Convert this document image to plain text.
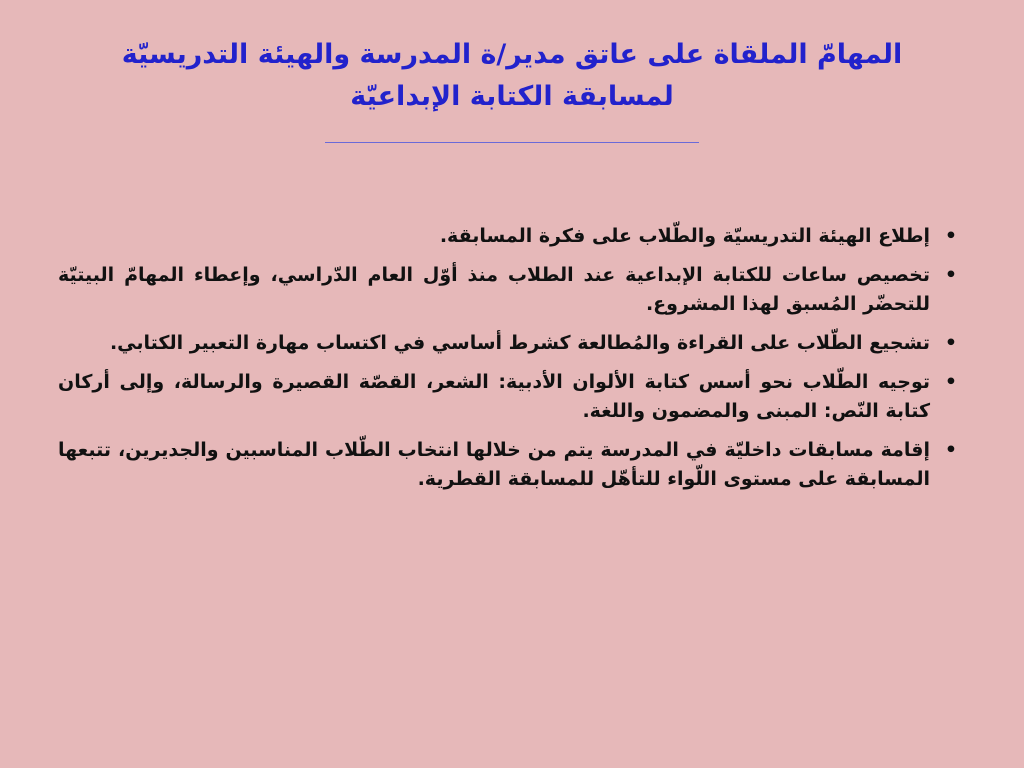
المهامّ الملقاة على عاتق مدير/ة المدرسة والهيئة التدريسيّة

لمسابقة الكتابة الإبداعيّة

•
إطلاع الهيئة التدريسيّة والطّلاب على فكرة المسابقة.
•
تخصيص ساعات للكتابة الإبداعية عند الطلاب منذ أوّل العام الدّراسي، وإعطاء المهامّ البيتيّة للتحضّر المُسبق لهذا المشروع.
•
تشجيع الطّلاب على القراءة والمُطالعة كشرط أساسي في اكتساب مهارة التعبير الكتابي.
•
توجيه الطّلاب نحو أسس كتابة الألوان الأدبية: الشعر، القصّة القصيرة والرسالة، وإلى أركان كتابة النّص: المبنى والمضمون واللغة.
•
إقامة مسابقات داخليّة في المدرسة يتم من خلالها انتخاب الطّلاب المناسبين والجديرين، تتبعها المسابقة على مستوى اللّواء للتأهّل للمسابقة القطرية.
